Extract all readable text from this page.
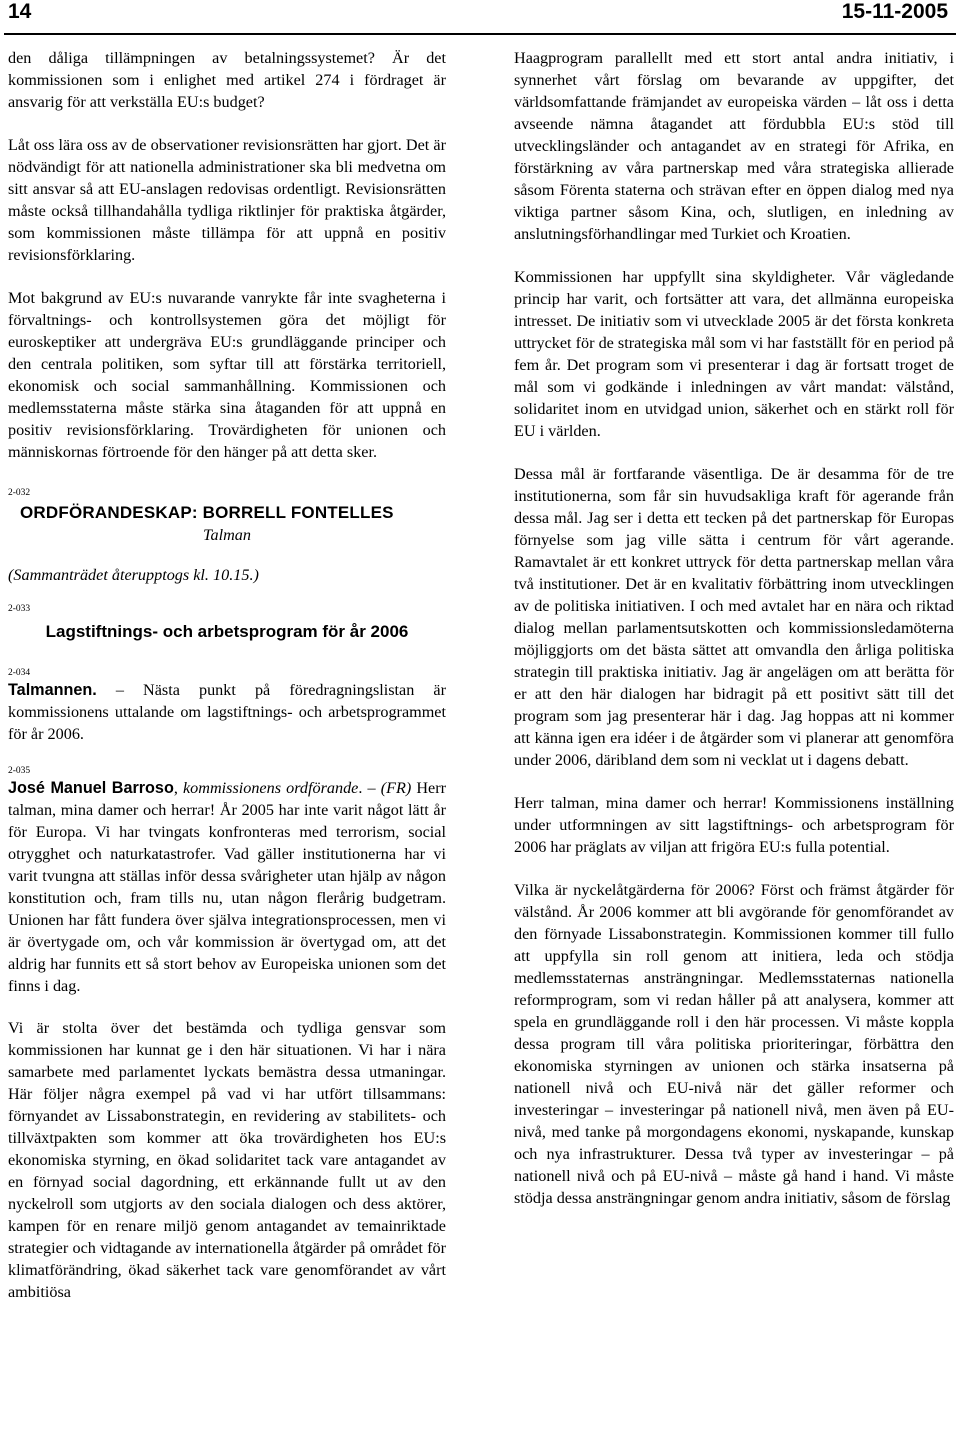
14	15-11-2005

den dåliga tillämpningen av betalningssystemet? Är det kommissionen som i enlighet med artikel 274 i fördraget är ansvarig för att verkställa EU:s budget?

Låt oss lära oss av de observationer revisionsrätten har gjort. Det är nödvändigt för att nationella administrationer ska bli medvetna om sitt ansvar så att EU-anslagen redovisas ordentligt. Revisionsrätten måste också tillhandahålla tydliga riktlinjer för praktiska åtgärder, som kommissionen måste tillämpa för att uppnå en positiv revisionsförklaring.

Mot bakgrund av EU:s nuvarande vanrykte får inte svagheterna i förvaltnings- och kontrollsystemen göra det möjligt för euroskeptiker att undergräva EU:s grundläggande principer och den centrala politiken, som syftar till att förstärka territoriell, ekonomisk och social sammanhållning. Kommissionen och medlemsstaterna måste stärka sina åtaganden för att uppnå en positiv revisionsförklaring. Trovärdigheten för unionen och människornas förtroende för den hänger på att detta sker.

2-032
ORDFÖRANDESKAP: BORRELL FONTELLES
Talman
(Sammanträdet återupptogs kl. 10.15.)
2-033
Lagstiftnings- och arbetsprogram för år 2006
2-034
Talmannen. – Nästa punkt på föredragningslistan är kommissionens uttalande om lagstiftnings- och arbetsprogrammet för år 2006.
2-035
José Manuel Barroso, kommissionens ordförande. – (FR) Herr talman, mina damer och herrar! År 2005 har inte varit något lätt år för Europa. Vi har tvingats konfronteras med terrorism, social otrygghet och naturkatastrofer. Vad gäller institutionerna har vi varit tvungna att ställas inför dessa svårigheter utan hjälp av någon konstitution och, fram tills nu, utan någon flerårig budgetram. Unionen har fått fundera över själva integrationsprocessen, men vi är övertygade om, och vår kommission är övertygad om, att det aldrig har funnits ett så stort behov av Europeiska unionen som det finns i dag.

Vi är stolta över det bestämda och tydliga gensvar som kommissionen har kunnat ge i den här situationen. Vi har i nära samarbete med parlamentet lyckats bemästra dessa utmaningar. Här följer några exempel på vad vi har utfört tillsammans: förnyandet av Lissabonstrategin, en revidering av stabilitets- och tillväxtpakten som kommer att öka trovärdigheten hos EU:s ekonomiska styrning, en ökad solidaritet tack vare antagandet av en förnyad social dagordning, ett erkännande fullt ut av den nyckelroll som utgjorts av den sociala dialogen och dess aktörer, kampen för en renare miljö genom antagandet av temainriktade strategier och vidtagande av internationella åtgärder på området för klimatförändring, ökad säkerhet tack vare genomförandet av vårt ambitiösa

Haagprogram parallellt med ett stort antal andra initiativ, i synnerhet vårt förslag om bevarande av uppgifter, det världsomfattande främjandet av europeiska värden – låt oss i detta avseende nämna åtagandet att fördubbla EU:s stöd till utvecklingsländer och antagandet av en strategi för Afrika, en förstärkning av våra partnerskap med våra strategiska allierade såsom Förenta staterna och strävan efter en öppen dialog med nya viktiga partner såsom Kina, och, slutligen, en inledning av anslutningsförhandlingar med Turkiet och Kroatien.

Kommissionen har uppfyllt sina skyldigheter. Vår vägledande princip har varit, och fortsätter att vara, det allmänna europeiska intresset. De initiativ som vi utvecklade 2005 är det första konkreta uttrycket för de strategiska mål som vi har fastställt för en period på fem år. Det program som vi presenterar i dag är fortsatt troget de mål som vi godkände i inledningen av vårt mandat: välstånd, solidaritet inom en utvidgad union, säkerhet och en stärkt roll för EU i världen.

Dessa mål är fortfarande väsentliga. De är desamma för de tre institutionerna, som får sin huvudsakliga kraft för agerande från dessa mål. Jag ser i detta ett tecken på det partnerskap för Europas förnyelse som jag ville sätta i centrum för vårt agerande. Ramavtalet är ett konkret uttryck för detta partnerskap mellan våra två institutioner. Det är en kvalitativ förbättring inom utvecklingen av de politiska initiativen. I och med avtalet har en nära och riktad dialog mellan parlamentsutskotten och kommissionsledamöterna möjliggjorts om det bästa sättet att omvandla den årliga politiska strategin till praktiska initiativ. Jag är angelägen om att berätta för er att den här dialogen har bidragit på ett positivt sätt till det program som jag presenterar här i dag. Jag hoppas att ni kommer att känna igen era idéer i de åtgärder som vi planerar att genomföra under 2006, däribland dem som ni vecklat ut i dagens debatt.

Herr talman, mina damer och herrar! Kommissionens inställning under utformningen av sitt lagstiftnings- och arbetsprogram för 2006 har präglats av viljan att frigöra EU:s fulla potential.

Vilka är nyckelåtgärderna för 2006? Först och främst åtgärder för välstånd. År 2006 kommer att bli avgörande för genomförandet av den förnyade Lissabonstrategin. Kommissionen kommer till fullo att uppfylla sin roll genom att initiera, leda och stödja medlemsstaternas ansträngningar. Medlemsstaternas nationella reformprogram, som vi redan håller på att analysera, kommer att spela en grundläggande roll i den här processen. Vi måste koppla dessa program till våra politiska prioriteringar, förbättra den ekonomiska styrningen av unionen och stärka insatserna på nationell nivå och EU-nivå när det gäller reformer och investeringar – investeringar på nationell nivå, men även på EU-nivå, med tanke på morgondagens ekonomi, nyskapande, kunskap och nya infrastrukturer. Dessa två typer av investeringar – på nationell nivå och på EU-nivå – måste gå hand i hand. Vi måste stödja dessa ansträngningar genom andra initiativ, såsom de förslag
